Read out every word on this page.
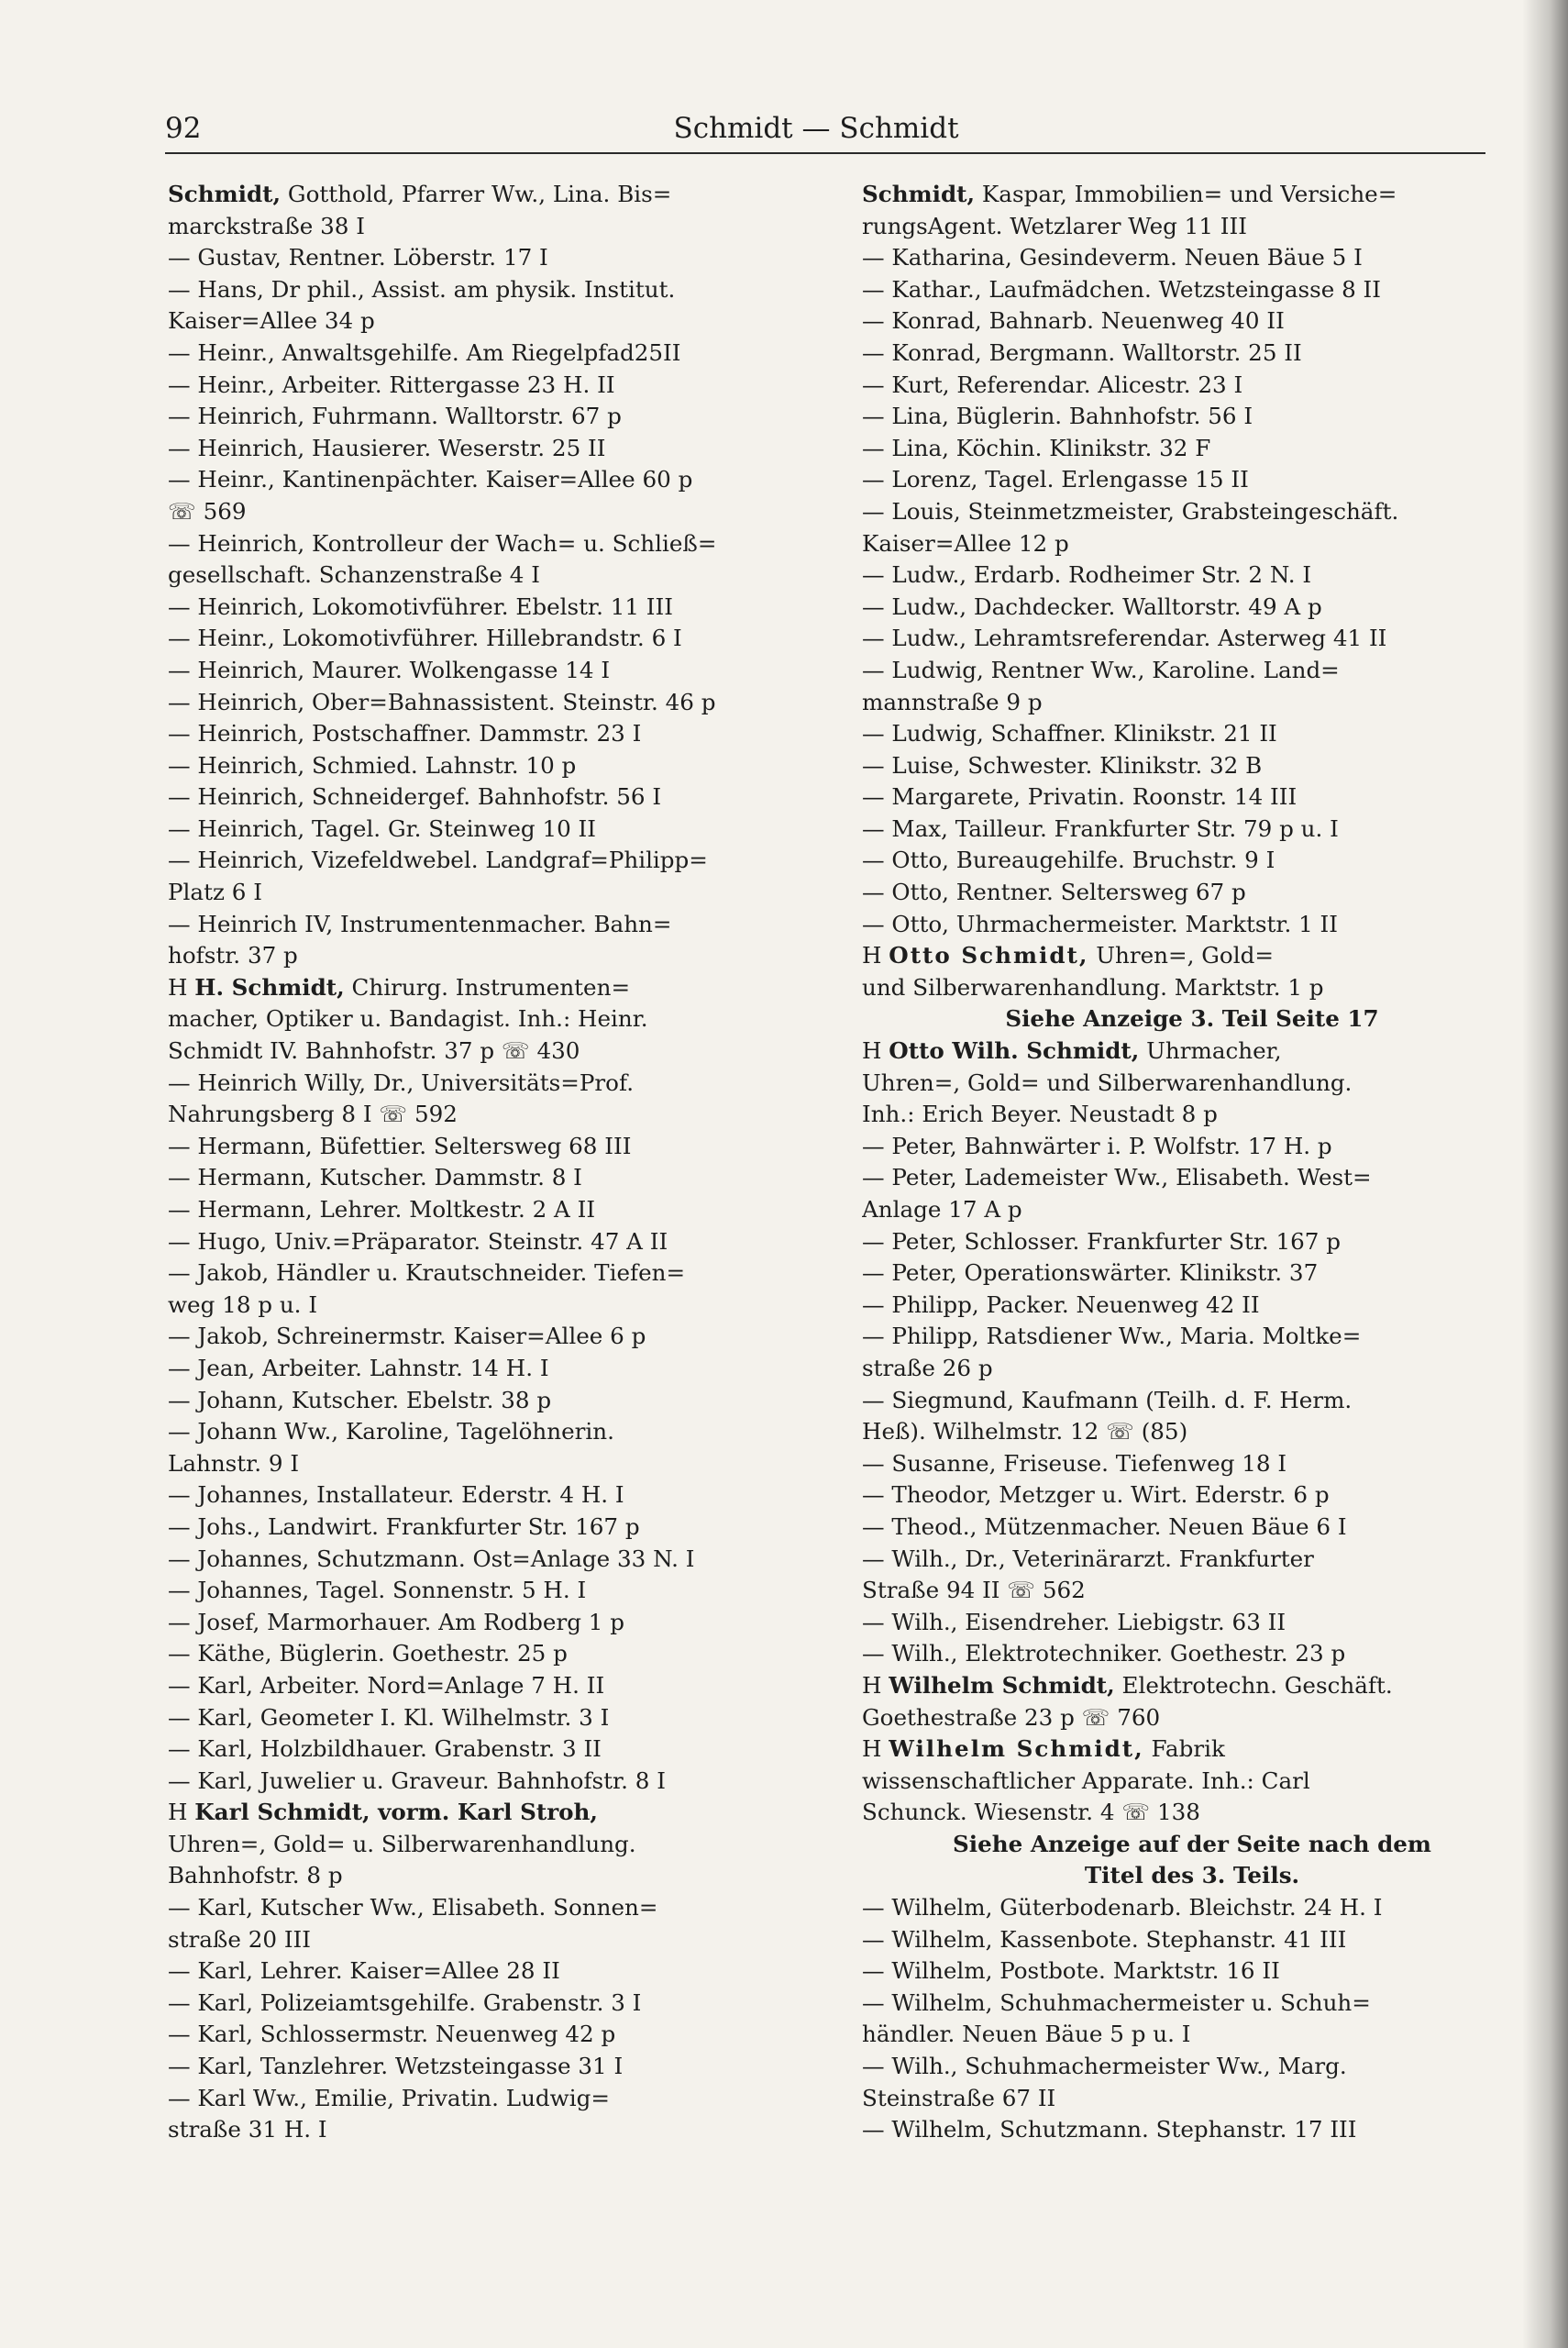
92	Schmidt — Schmidt
Schmidt, Gotthold, Pfarrer Ww., Lina. Bis=
marckstraße 38 I
— Gustav, Rentner. Löberstr. 17 I
— Hans, Dr phil., Assist. am physik. Institut.
Kaiser=Allee 34 p
— Heinr., Anwaltsgehilfe. Am Riegelpfad25II
— Heinr., Arbeiter. Rittergasse 23 H. II
— Heinrich, Fuhrmann. Walltorstr. 67 p
— Heinrich, Hausierer. Weserstr. 25 II
— Heinr., Kantinenpächter. Kaiser=Allee 60 p
☏ 569
— Heinrich, Kontrolleur der Wach= u. Schließ=
gesellschaft. Schanzenstraße 4 I
— Heinrich, Lokomotivführer. Ebelstr. 11 III
— Heinr., Lokomotivführer. Hillebrandstr. 6 I
— Heinrich, Maurer. Wolkengasse 14 I
— Heinrich, Ober=Bahnassistent. Steinstr. 46 p
— Heinrich, Postschaffner. Dammstr. 23 I
— Heinrich, Schmied. Lahnstr. 10 p
— Heinrich, Schneidergef. Bahnhofstr. 56 I
— Heinrich, Tagel. Gr. Steinweg 10 II
— Heinrich, Vizefeldwebel. Landgraf=Philipp=
Platz 6 I
— Heinrich IV, Instrumentenmacher. Bahn=
hofstr. 37 p
H H. Schmidt, Chirurg. Instrumenten=
macher, Optiker u. Bandagist. Inh.: Heinr.
Schmidt IV. Bahnhofstr. 37 p ☏ 430
— Heinrich Willy, Dr., Universitäts=Prof.
Nahrungsberg 8 I ☏ 592
— Hermann, Büfettier. Seltersweg 68 III
— Hermann, Kutscher. Dammstr. 8 I
— Hermann, Lehrer. Moltkestr. 2 A II
— Hugo, Univ.=Präparator. Steinstr. 47 A II
— Jakob, Händler u. Krautschneider. Tiefen=
weg 18 p u. I
— Jakob, Schreinermstr. Kaiser=Allee 6 p
— Jean, Arbeiter. Lahnstr. 14 H. I
— Johann, Kutscher. Ebelstr. 38 p
— Johann Ww., Karoline, Tagelöhnerin.
Lahnstr. 9 I
— Johannes, Installateur. Ederstr. 4 H. I
— Johs., Landwirt. Frankfurter Str. 167 p
— Johannes, Schutzmann. Ost=Anlage 33 N. I
— Johannes, Tagel. Sonnenstr. 5 H. I
— Josef, Marmorhauer. Am Rodberg 1 p
— Käthe, Büglerin. Goethestr. 25 p
— Karl, Arbeiter. Nord=Anlage 7 H. II
— Karl, Geometer I. Kl. Wilhelmstr. 3 I
— Karl, Holzbildhauer. Grabenstr. 3 II
— Karl, Juwelier u. Graveur. Bahnhofstr. 8 I
H Karl Schmidt, vorm. Karl Stroh,
Uhren=, Gold= u. Silberwarenhandlung.
Bahnhofstr. 8 p
— Karl, Kutscher Ww., Elisabeth. Sonnen=
straße 20 III
— Karl, Lehrer. Kaiser=Allee 28 II
— Karl, Polizeiamtsgehilfe. Grabenstr. 3 I
— Karl, Schlossermstr. Neuenweg 42 p
— Karl, Tanzlehrer. Wetzsteingasse 31 I
— Karl Ww., Emilie, Privatin. Ludwig=
straße 31 H. I
Schmidt, Kaspar, Immobilien= und Versiche=
rungsAgent. Wetzlarer Weg 11 III
— Katharina, Gesindeverm. Neuen Bäue 5 I
— Kathar., Laufmädchen. Wetzsteingasse 8 II
— Konrad, Bahnarb. Neuenweg 40 II
— Konrad, Bergmann. Walltorstr. 25 II
— Kurt, Referendar. Alicestr. 23 I
— Lina, Büglerin. Bahnhofstr. 56 I
— Lina, Köchin. Klinikstr. 32 F
— Lorenz, Tagel. Erlengasse 15 II
— Louis, Steinmetzmeister, Grabsteingeschäft.
Kaiser=Allee 12 p
— Ludw., Erdarb. Rodheimer Str. 2 N. I
— Ludw., Dachdecker. Walltorstr. 49 A p
— Ludw., Lehramtsreferendar. Asterweg 41 II
— Ludwig, Rentner Ww., Karoline. Land=
mannstraße 9 p
— Ludwig, Schaffner. Klinikstr. 21 II
— Luise, Schwester. Klinikstr. 32 B
— Margarete, Privatin. Roonstr. 14 III
— Max, Tailleur. Frankfurter Str. 79 p u. I
— Otto, Bureaugehilfe. Bruchstr. 9 I
— Otto, Rentner. Seltersweg 67 p
— Otto, Uhrmachermeister. Marktstr. 1 II
H Otto Schmidt, Uhren=, Gold=
und Silberwarenhandlung. Marktstr. 1 p
Siehe Anzeige 3. Teil Seite 17
H Otto Wilh. Schmidt, Uhrmacher,
Uhren=, Gold= und Silberwarenhandlung.
Inh.: Erich Beyer. Neustadt 8 p
— Peter, Bahnwärter i. P. Wolfstr. 17 H. p
— Peter, Lademeister Ww., Elisabeth. West=
Anlage 17 A p
— Peter, Schlosser. Frankfurter Str. 167 p
— Peter, Operationswärter. Klinikstr. 37
— Philipp, Packer. Neuenweg 42 II
— Philipp, Ratsdiener Ww., Maria. Moltke=
straße 26 p
— Siegmund, Kaufmann (Teilh. d. F. Herm.
Heß). Wilhelmstr. 12 ☏ (85)
— Susanne, Friseuse. Tiefenweg 18 I
— Theodor, Metzger u. Wirt. Ederstr. 6 p
— Theod., Mützenmacher. Neuen Bäue 6 I
— Wilh., Dr., Veterinärarzt. Frankfurter
Straße 94 II ☏ 562
— Wilh., Eisendreher. Liebigstr. 63 II
— Wilh., Elektrotechniker. Goethestr. 23 p
H Wilhelm Schmidt, Elektrotechn. Geschäft.
Goethestraße 23 p ☏ 760
H Wilhelm Schmidt, Fabrik
wissenschaftlicher Apparate. Inh.: Carl
Schunck. Wiesenstr. 4 ☏ 138
Siehe Anzeige auf der Seite nach dem
Titel des 3. Teils.
— Wilhelm, Güterbodenarb. Bleichstr. 24 H. I
— Wilhelm, Kassenbote. Stephanstr. 41 III
— Wilhelm, Postbote. Marktstr. 16 II
— Wilhelm, Schuhmachermeister u. Schuh=
händler. Neuen Bäue 5 p u. I
— Wilh., Schuhmachermeister Ww., Marg.
Steinstraße 67 II
— Wilhelm, Schutzmann. Stephanstr. 17 III
